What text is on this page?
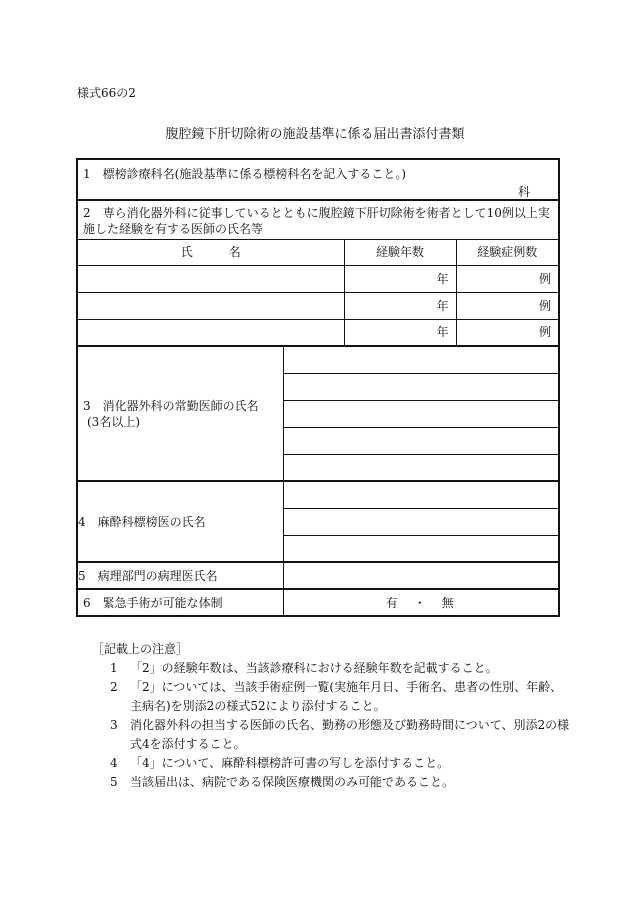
様式66の2
腹腔鏡下肝切除術の施設基準に係る届出書添付書類
1　標榜診療科名(施設基準に係る標榜科名を記入すること。)
科			

2　専ら消化器外科に従事しているとともに腹腔鏡下肝切除術を術者として10例以上実施した経験を有する医師の氏名等			
氏　　　名		経験年数	経験症例数
		年	例
		年	例
		年	例

3　消化器外科の常勤医師の氏名
(3名以上)			

4　麻酔科標榜医の氏名			

5　病理部門の病理医氏名			
6　緊急手術が可能な体制	有　・　無		
［記載上の注意］
1 「2」の経験年数は、当該診療科における経験年数を記載すること。
2 「2」については、当該手術症例一覧(実施年月日、手術名、患者の性別、年齢、主病名)を別添2の様式52により添付すること。
3 消化器外科の担当する医師の氏名、勤務の形態及び勤務時間について、別添2の様式4を添付すること。
4 「4」について、麻酔科標榜許可書の写しを添付すること。
5 当該届出は、病院である保険医療機関のみ可能であること。
